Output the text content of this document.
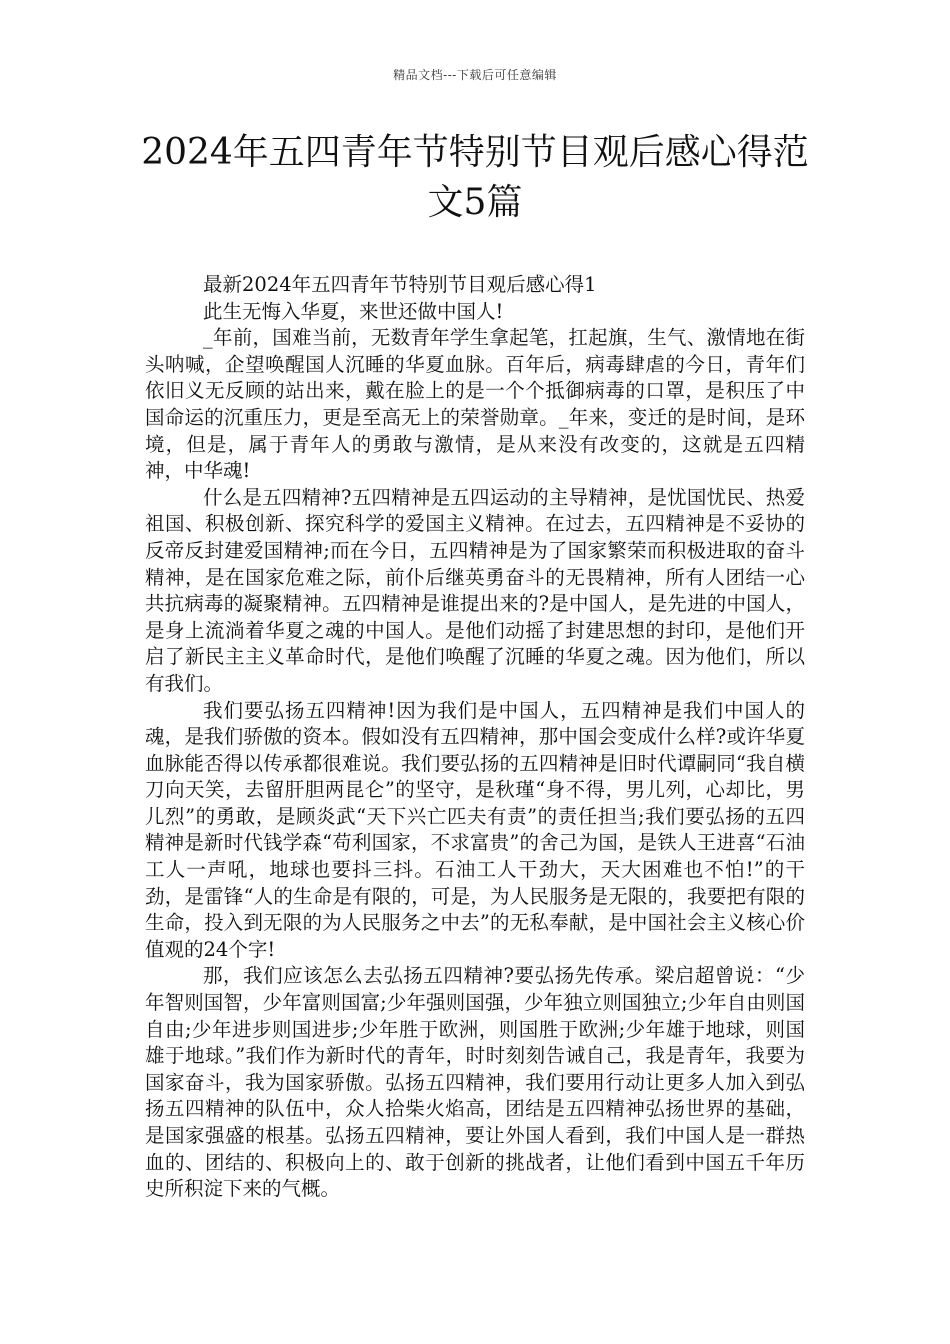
精品文档---下载后可任意编辑
2024年五四青年节特别节目观后感心得范文5篇

最新2024年五四青年节特别节目观后感心得1

此生无悔入华夏，来世还做中国人!

_年前，国难当前，无数青年学生拿起笔，扛起旗，生气、激情地在街头呐喊，企望唤醒国人沉睡的华夏血脉。百年后，病毒肆虐的今日，青年们依旧义无反顾的站出来，戴在脸上的是一个个抵御病毒的口罩，是积压了中国命运的沉重压力，更是至高无上的荣誉勋章。_年来，变迁的是时间，是环境，但是，属于青年人的勇敢与激情，是从来没有改变的，这就是五四精神，中华魂!

什么是五四精神?五四精神是五四运动的主导精神，是忧国忧民、热爱祖国、积极创新、探究科学的爱国主义精神。在过去，五四精神是不妥协的反帝反封建爱国精神;而在今日，五四精神是为了国家繁荣而积极进取的奋斗精神，是在国家危难之际，前仆后继英勇奋斗的无畏精神，所有人团结一心共抗病毒的凝聚精神。五四精神是谁提出来的?是中国人，是先进的中国人，是身上流淌着华夏之魂的中国人。是他们动摇了封建思想的封印，是他们开启了新民主主义革命时代，是他们唤醒了沉睡的华夏之魂。因为他们，所以有我们。

我们要弘扬五四精神!因为我们是中国人，五四精神是我们中国人的魂，是我们骄傲的资本。假如没有五四精神，那中国会变成什么样?或许华夏血脉能否得以传承都很难说。我们要弘扬的五四精神是旧时代谭嗣同“我自横刀向天笑，去留肝胆两昆仑”的坚守，是秋瑾“身不得，男儿列，心却比，男儿烈”的勇敢，是顾炎武“天下兴亡匹夫有责”的责任担当;我们要弘扬的五四精神是新时代钱学森“苟利国家，不求富贵”的舍己为国，是铁人王进喜“石油工人一声吼，地球也要抖三抖。石油工人干劲大，天大困难也不怕!”的干劲，是雷锋“人的生命是有限的，可是，为人民服务是无限的，我要把有限的生命，投入到无限的为人民服务之中去”的无私奉献，是中国社会主义核心价值观的24个字!

那，我们应该怎么去弘扬五四精神?要弘扬先传承。梁启超曾说：“少年智则国智，少年富则国富;少年强则国强，少年独立则国独立;少年自由则国自由;少年进步则国进步;少年胜于欧洲，则国胜于欧洲;少年雄于地球，则国雄于地球。”我们作为新时代的青年，时时刻刻告诫自己，我是青年，我要为国家奋斗，我为国家骄傲。弘扬五四精神，我们要用行动让更多人加入到弘扬五四精神的队伍中，众人拾柴火焰高，团结是五四精神弘扬世界的基础，是国家强盛的根基。弘扬五四精神，要让外国人看到，我们中国人是一群热血的、团结的、积极向上的、敢于创新的挑战者，让他们看到中国五千年历史所积淀下来的气概。
